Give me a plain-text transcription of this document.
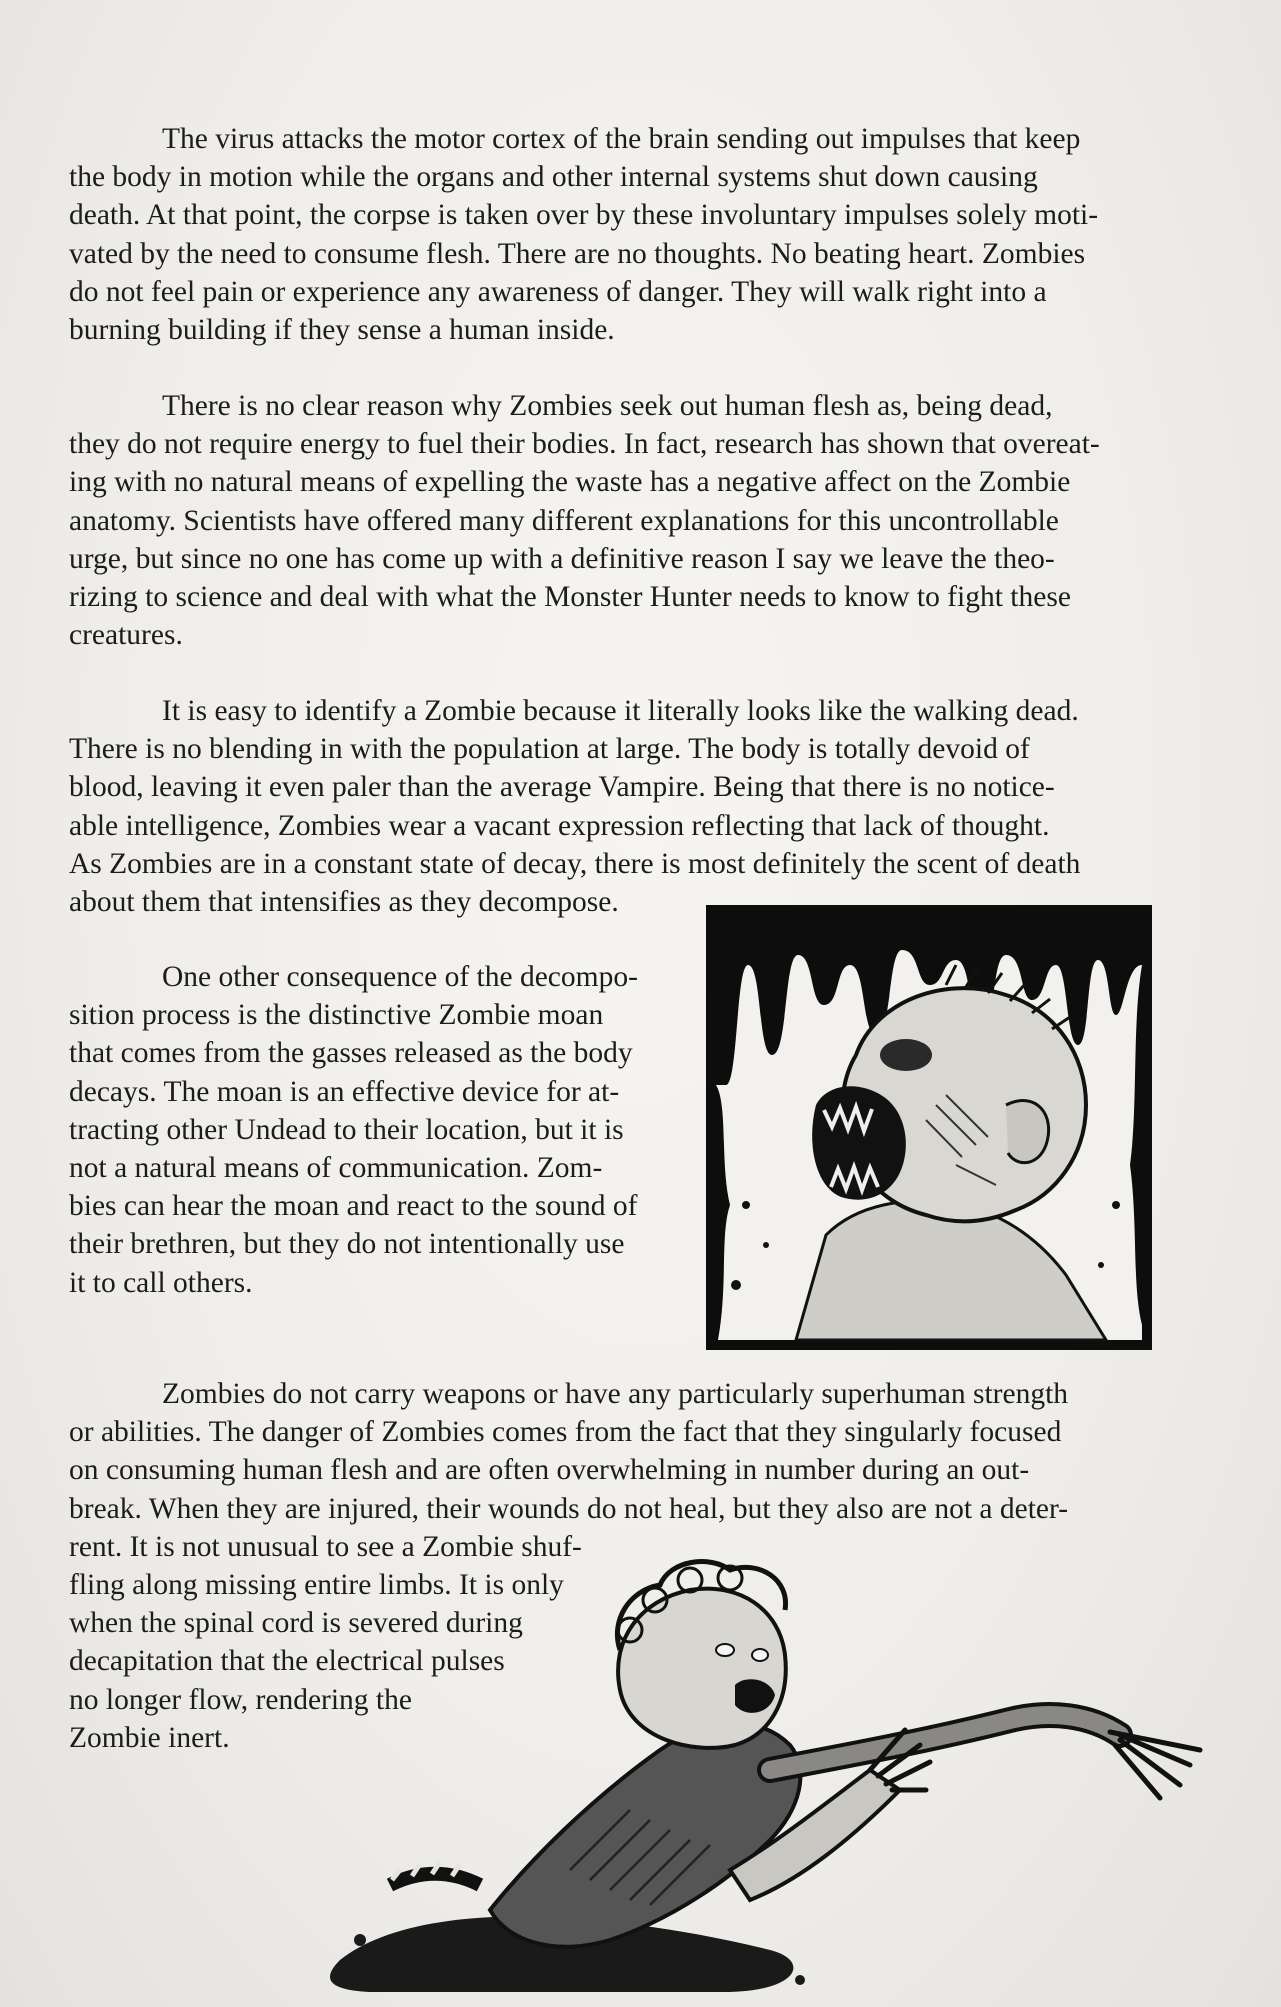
The virus attacks the motor cortex of the brain sending out impulses that keep
the body in motion while the organs and other internal systems shut down causing
death. At that point, the corpse is taken over by these involuntary impulses solely moti-
vated by the need to consume flesh. There are no thoughts. No beating heart. Zombies
do not feel pain or experience any awareness of danger. They will walk right into a
burning building if they sense a human inside.

There is no clear reason why Zombies seek out human flesh as, being dead,
they do not require energy to fuel their bodies. In fact, research has shown that overeat-
ing with no natural means of expelling the waste has a negative affect on the Zombie
anatomy. Scientists have offered many different explanations for this uncontrollable
urge, but since no one has come up with a definitive reason I say we leave the theo-
rizing to science and deal with what the Monster Hunter needs to know to fight these
creatures.

It is easy to identify a Zombie because it literally looks like the walking dead.
There is no blending in with the population at large. The body is totally devoid of
blood, leaving it even paler than the average Vampire. Being that there is no notice-
able intelligence, Zombies wear a vacant expression reflecting that lack of thought.
As Zombies are in a constant state of decay, there is most definitely the scent of death
about them that intensifies as they decompose.

One other consequence of the decompo-
sition process is the distinctive Zombie moan
that comes from the gasses released as the body
decays. The moan is an effective device for at-
tracting other Undead to their location, but it is
not a natural means of communication. Zom-
bies can hear the moan and react to the sound of
their brethren, but they do not intentionally use
it to call others.

Zombies do not carry weapons or have any particularly superhuman strength
or abilities. The danger of Zombies comes from the fact that they singularly focused
on consuming human flesh and are often overwhelming in number during an out-
break. When they are injured, their wounds do not heal, but they also are not a deter-
rent. It is not unusual to see a Zombie shuf-
fling along missing entire limbs. It is only
when the spinal cord is severed during
decapitation that the electrical pulses
no longer flow, rendering the
Zombie inert.
